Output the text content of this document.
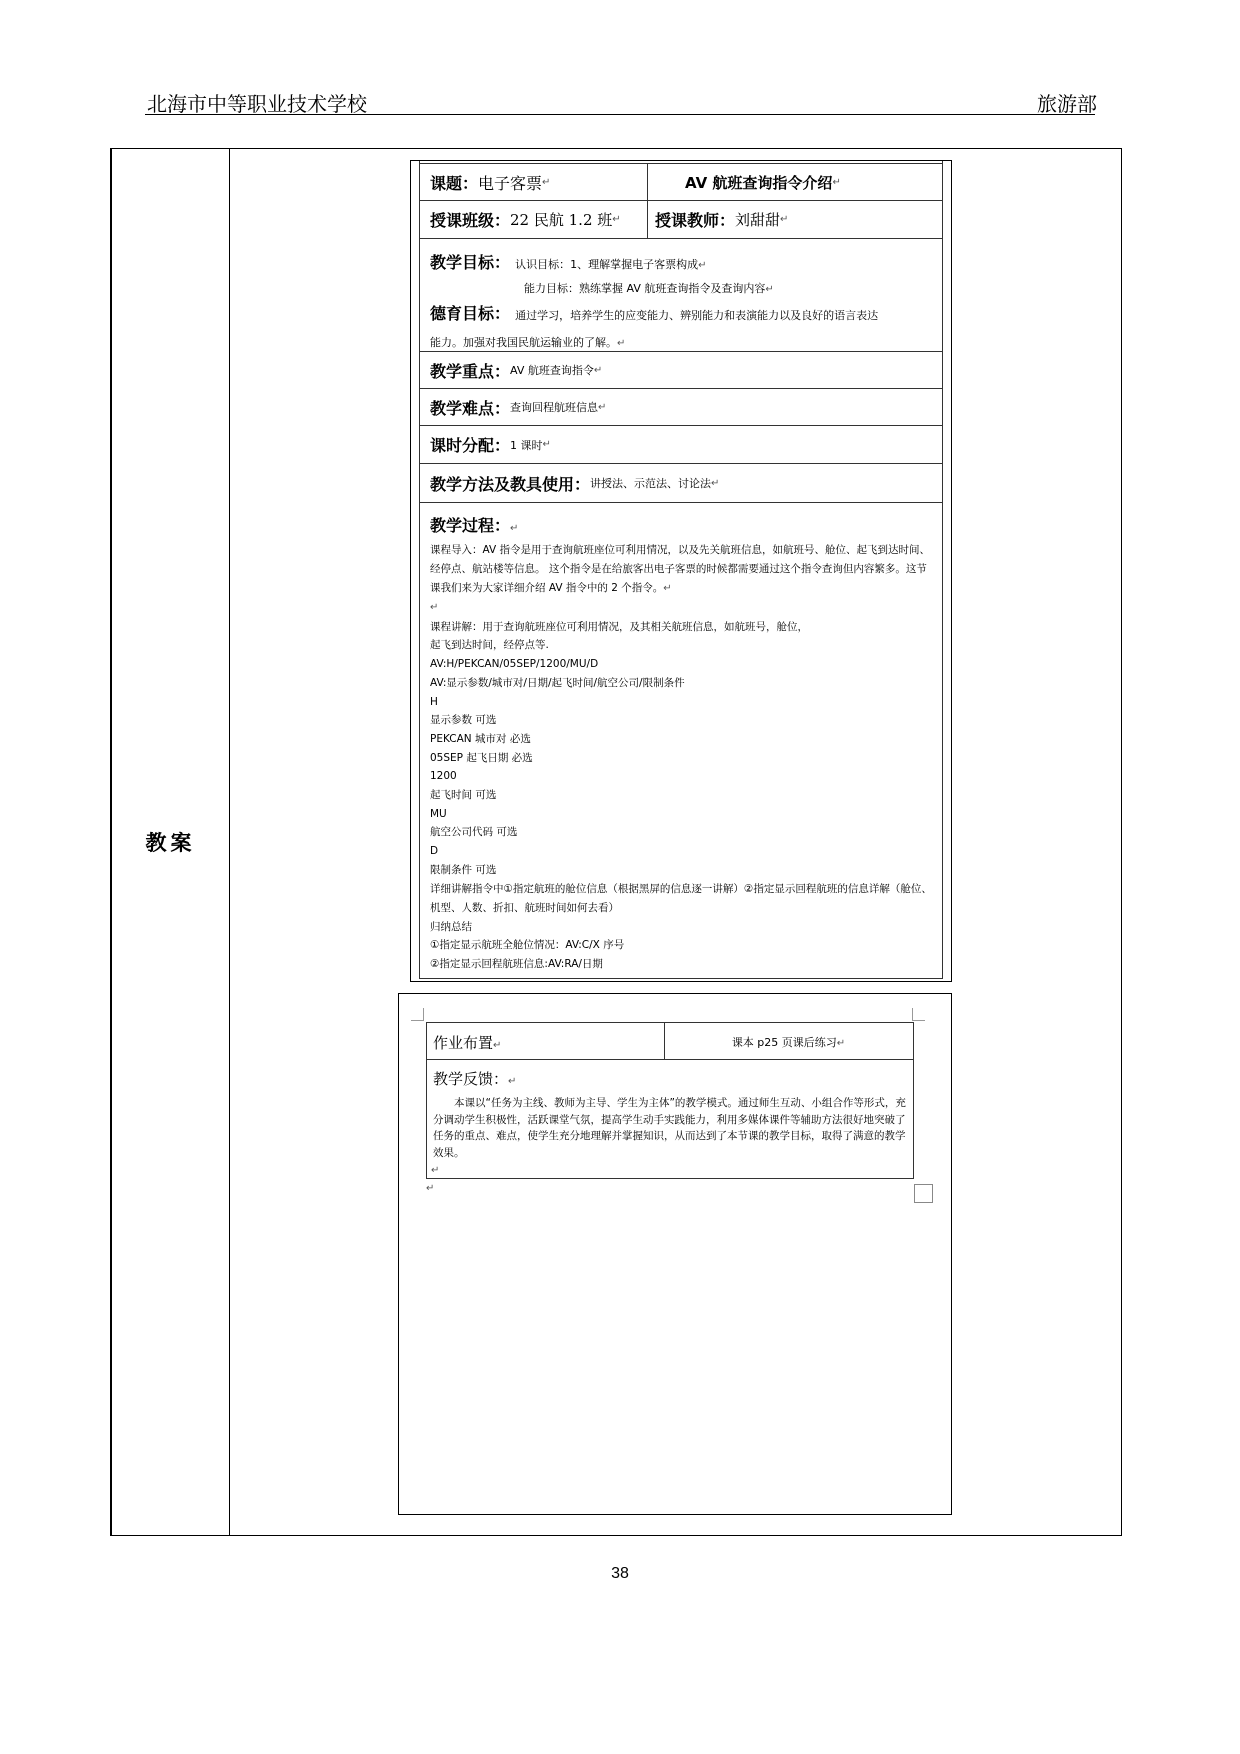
北海市中等职业技术学校	旅游部
教案
课题： 电子客票 ↵	AV 航班查询指令介绍 ↵
授课班级： 22 民航 1.2 班 ↵ 授课教师： 刘甜甜 ↵
教学目标： 认识目标：1、理解掌握电子客票构成↵
能力目标：熟练掌握 AV 航班查询指令及查询内容↵
德育目标： 通过学习，培养学生的应变能力、辨别能力和表演能力以及良好的语言表达
能力。加强对我国民航运输业的了解。↵
教学重点： AV 航班查询指令 ↵
教学难点： 查询回程航班信息 ↵
课时分配： 1 课时 ↵
教学方法及教具使用： 讲授法、示范法、讨论法 ↵
教学过程：↵
课程导入：AV 指令是用于查询航班座位可利用情况，以及先关航班信息，如航班号、舱位、起飞到达时间、经停点、航站楼等信息。 这个指令是在给旅客出电子客票的时候都需要通过这个指令查询但内容繁多。这节课我们来为大家详细介绍 AV 指令中的 2 个指令。↵
↵
课程讲解：用于查询航班座位可利用情况，及其相关航班信息，如航班号，舱位，
起飞到达时间，经停点等.
AV:H/PEKCAN/05SEP/1200/MU/D
AV:显示参数/城市对/日期/起飞时间/航空公司/限制条件
H
显示参数 可选
PEKCAN 城市对 必选
05SEP 起飞日期 必选
1200
起飞时间 可选
MU
航空公司代码 可选
D
限制条件 可选
详细讲解指令中①指定航班的舱位信息（根据黑屏的信息逐一讲解）②指定显示回程航班的信息详解（舱位、机型、人数、折扣、航班时间如何去看）
归纳总结
①指定显示航班全舱位情况：AV:C/X 序号
②指定显示回程航班信息:AV:RA/日期
作业布置↵	课本 p25 页课后练习↵
教学反馈：↵
本课以“任务为主线、教师为主导、学生为主体”的教学模式。通过师生互动、小组合作等形式，充分调动学生积极性，活跃课堂气氛，提高学生动手实践能力，利用多媒体课件等辅助方法很好地突破了任务的重点、难点，使学生充分地理解并掌握知识，从而达到了本节课的教学目标，取得了满意的教学效果。
↵
↵
38
